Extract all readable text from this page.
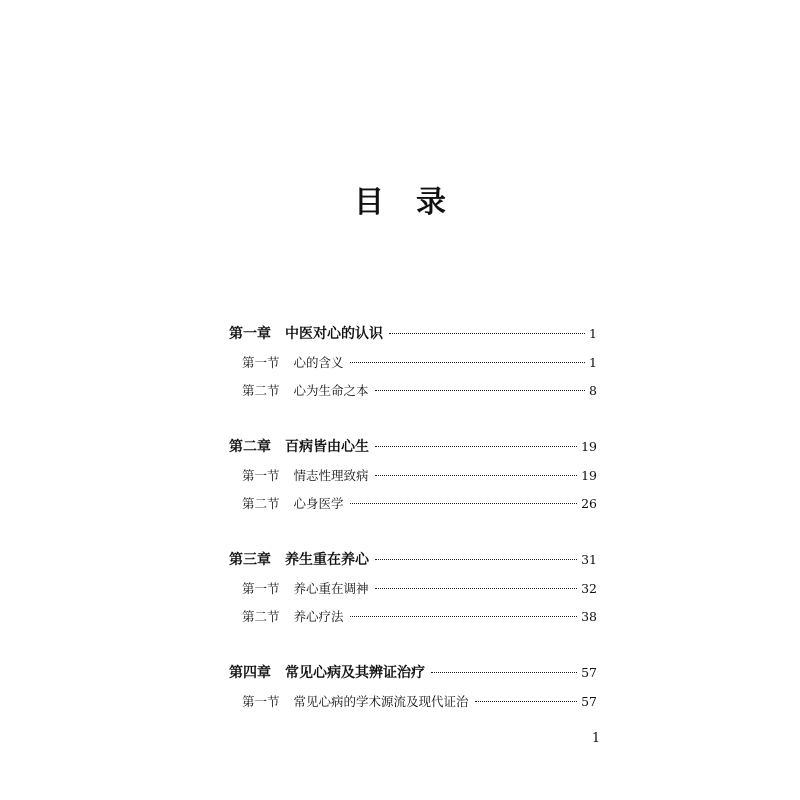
目录
第一章 中医对心的认识	1
第一节 心的含义	1
第二节 心为生命之本	8
第二章 百病皆由心生	19
第一节 情志性理致病	19
第二节 心身医学	26
第三章 养生重在养心	31
第一节 养心重在调神	32
第二节 养心疗法	38
第四章 常见心病及其辨证治疗	57
第一节 常见心病的学术源流及现代证治	57
1
